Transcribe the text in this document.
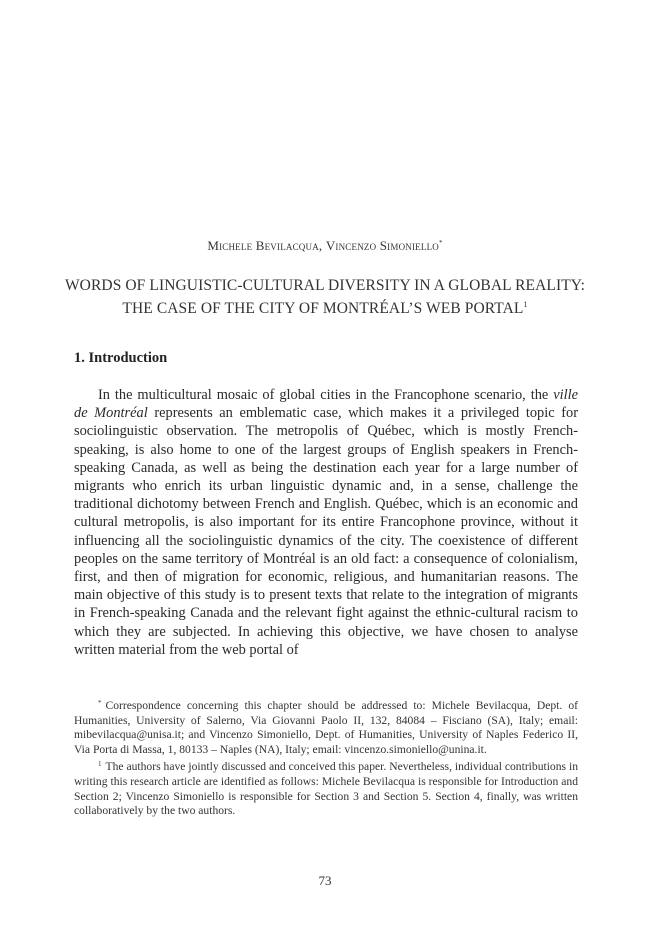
Michele Bevilacqua, Vincenzo Simoniello*
WORDS OF LINGUISTIC-CULTURAL DIVERSITY IN A GLOBAL REALITY:
THE CASE OF THE CITY OF MONTRÉAL’S WEB PORTAL$^1$
1. Introduction

In the multicultural mosaic of global cities in the Francophone scenario, the ville de Montréal represents an emblematic case, which makes it a privileged topic for sociolinguistic observation. The metropolis of Québec, which is mostly French-speaking, is also home to one of the largest groups of English speakers in French-speaking Canada, as well as being the destination each year for a large number of migrants who enrich its urban linguistic dynamic and, in a sense, challenge the traditional dichotomy between French and English. Québec, which is an economic and cultural metropolis, is also important for its entire Francophone province, without it influencing all the sociolinguistic dynamics of the city. The coexistence of different peoples on the same territory of Montréal is an old fact: a consequence of colonialism, first, and then of migration for economic, religious, and humanitarian reasons. The main objective of this study is to present texts that relate to the integration of migrants in French-speaking Canada and the relevant fight against the ethnic-cultural racism to which they are subjected. In achieving this objective, we have chosen to analyse written material from the web portal of

* Correspondence concerning this chapter should be addressed to: Michele Bevilacqua, Dept. of Humanities, University of Salerno, Via Giovanni Paolo II, 132, 84084 – Fisciano (SA), Italy; email: mibevilacqua@unisa.it; and Vincenzo Simoniello, Dept. of Humanities, University of Naples Federico II, Via Porta di Massa, 1, 80133 – Naples (NA), Italy; email: vincenzo.simoniello@unina.it.

$^1$ The authors have jointly discussed and conceived this paper. Nevertheless, individual contributions in writing this research article are identified as follows: Michele Bevilacqua is responsible for Introduction and Section 2; Vincenzo Simoniello is responsible for Section 3 and Section 5. Section 4, finally, was written collaboratively by the two authors.

73
